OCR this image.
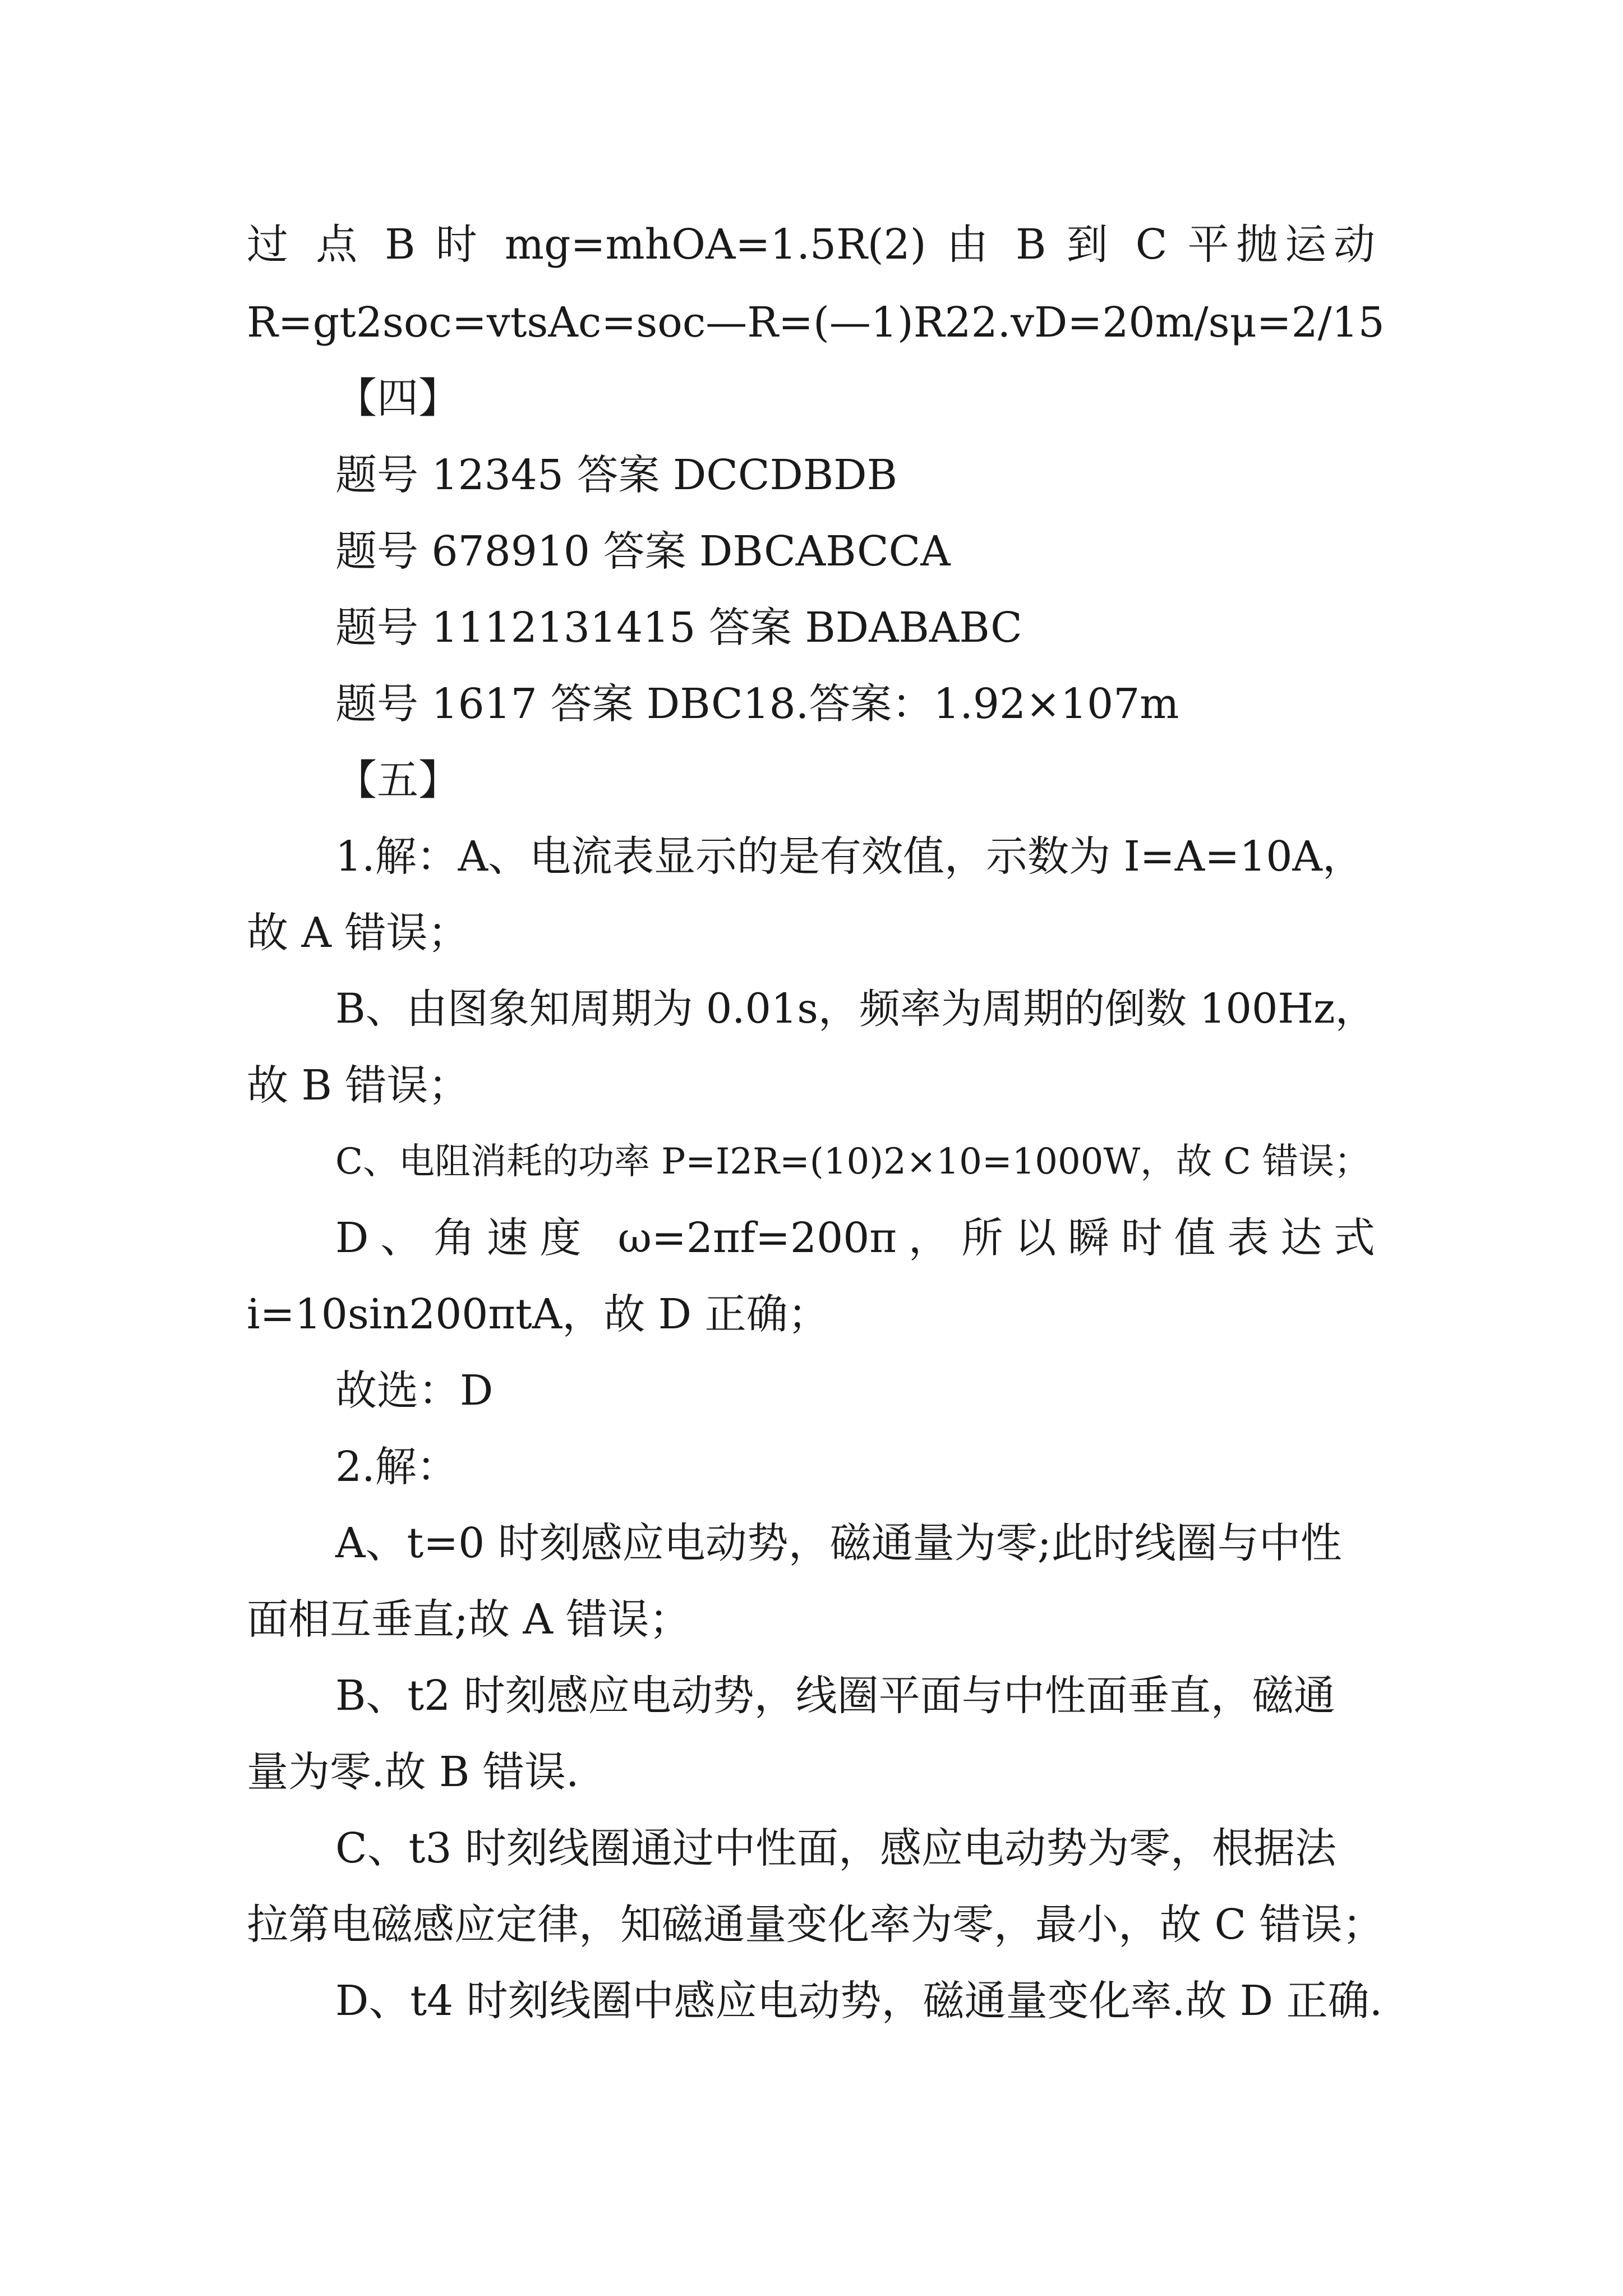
过 点 B 时 mg=mhOA=1.5R(2) 由 B 到 C 平抛运动
R=gt2soc=vtsAc=soc—R=(—1)R22.vD=20m/sμ=2/15
【四】
题号 12345 答案 DCCDBDB
题号 678910 答案 DBCABCCA
题号 1112131415 答案 BDABABC
题号 1617 答案 DBC18.答案：1.92×107m
【五】
1.解：A、电流表显示的是有效值，示数为 I=A=10A，
故 A 错误；
B、由图象知周期为 0.01s，频率为周期的倒数 100Hz，
故 B 错误；
C、电阻消耗的功率 P=I2R=(10)2×10=1000W，故 C 错误；
D、角速度 ω=2πf=200π，所以瞬时值表达式
i=10sin200πtA，故 D 正确；
故选：D
2.解：
A、t=0 时刻感应电动势，磁通量为零;此时线圈与中性
面相互垂直;故 A 错误；
B、t2 时刻感应电动势，线圈平面与中性面垂直，磁通
量为零.故 B 错误.
C、t3 时刻线圈通过中性面，感应电动势为零，根据法
拉第电磁感应定律，知磁通量变化率为零，最小，故 C 错误；
D、t4 时刻线圈中感应电动势，磁通量变化率.故 D 正确.
